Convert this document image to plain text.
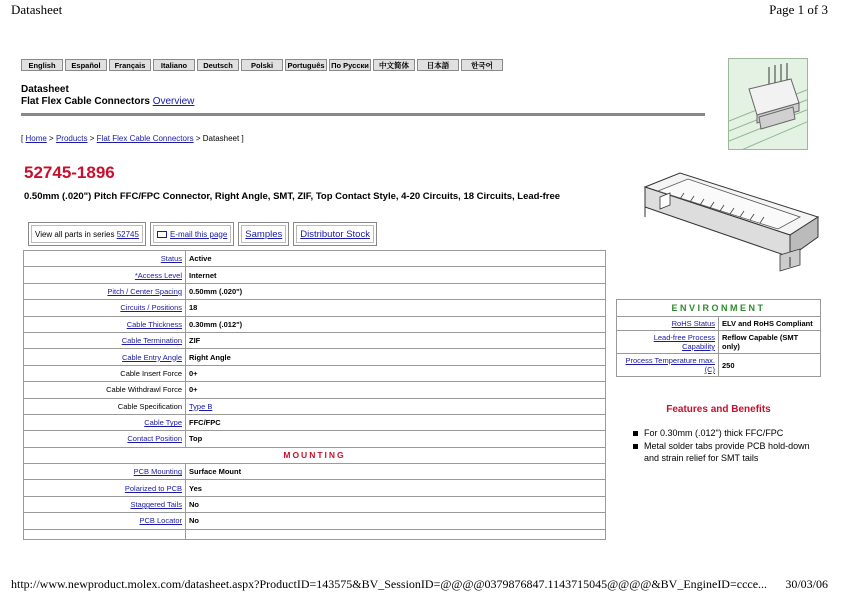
Datasheet	Page 1 of 3
http://www.newproduct.molex.com/datasheet.aspx?ProductID=143575&BV_SessionID=@@@@0379876847.1143715045@@@@&BV_EngineID=ccce... 30/03/06
English	Español	Français	Italiano	Deutsch	Polski	Português По Русски	中文简体	日本語	한국어
Datasheet
Flat Flex Cable Connectors Overview
[ Home > Products > Flat Flex Cable Connectors > Datasheet ]
52745-1896
0.50mm (.020") Pitch FFC/FPC Connector, Right Angle, SMT, ZIF, Top Contact Style, 4-20 Circuits, 18 Circuits, Lead-free
View all parts in series
52745	E-mail this page Samples Distributor Stock
Status	Active
*Access Level	Internet
Pitch / Center Spacing	0.50mm (.020")
Circuits / Positions	18
Cable Thickness	0.30mm (.012")
Cable Termination	ZIF
Cable Entry Angle	Right Angle
Cable Insert Force	0+
Cable Withdrawl Force	0+
Cable Specification	Type B
Cable Type	FFC/FPC
Contact Position	Top
MOUNTING	
PCB Mounting	Surface Mount
Polarized to PCB	Yes
Staggered Tails	No
PCB Locator	No

ENVIRONMENT	
RoHS Status	ELV and RoHS Compliant
Lead-free Process Capability	Reflow Capable (SMT only)
Process Temperature max. (C)	250
Features and Benefits
For 0.30mm (.012") thick FFC/FPC
Metal solder tabs provide PCB hold-down and strain relief for SMT tails
